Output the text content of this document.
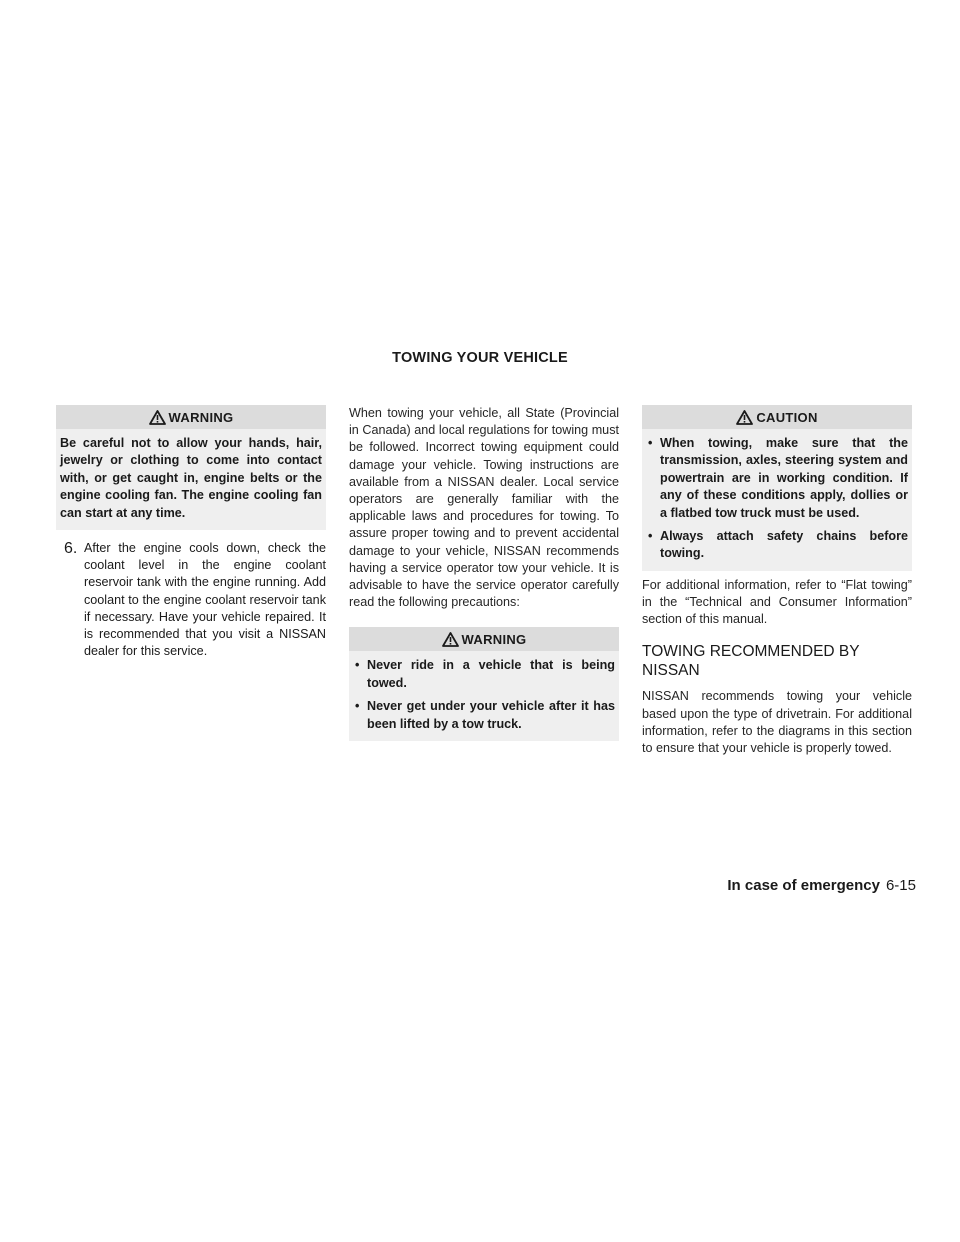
TOWING YOUR VEHICLE
WARNING
Be careful not to allow your hands, hair, jewelry or clothing to come into contact with, or get caught in, engine belts or the engine cooling fan. The engine cooling fan can start at any time.
6. After the engine cools down, check the coolant level in the engine coolant reservoir tank with the engine running. Add coolant to the engine coolant reservoir tank if necessary. Have your vehicle repaired. It is recommended that you visit a NISSAN dealer for this service.
When towing your vehicle, all State (Provincial in Canada) and local regulations for towing must be followed. Incorrect towing equipment could damage your vehicle. Towing instructions are available from a NISSAN dealer. Local service operators are generally familiar with the applicable laws and procedures for towing. To assure proper towing and to prevent accidental damage to your vehicle, NISSAN recommends having a service operator tow your vehicle. It is advisable to have the service operator carefully read the following precautions:
WARNING
• Never ride in a vehicle that is being towed.
• Never get under your vehicle after it has been lifted by a tow truck.
CAUTION
• When towing, make sure that the transmission, axles, steering system and powertrain are in working condition. If any of these conditions apply, dollies or a flatbed tow truck must be used.
• Always attach safety chains before towing.
For additional information, refer to “Flat towing” in the “Technical and Consumer Information” section of this manual.
TOWING RECOMMENDED BY NISSAN
NISSAN recommends towing your vehicle based upon the type of drivetrain. For additional information, refer to the diagrams in this section to ensure that your vehicle is properly towed.
In case of emergency 6-15
